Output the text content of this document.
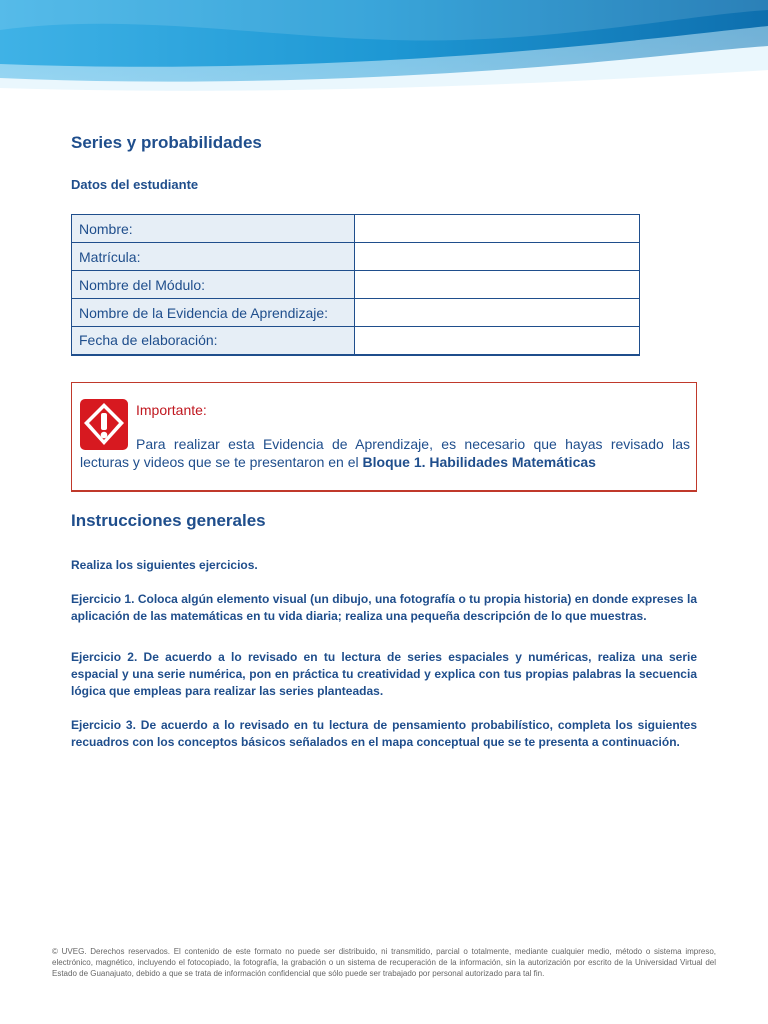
Series y probabilidades
Datos del estudiante
Nombre:	
Matrícula:	
Nombre del Módulo:	
Nombre de la Evidencia de Aprendizaje:	
Fecha de elaboración:	
Importante:

Para realizar esta Evidencia de Aprendizaje, es necesario que hayas revisado las lecturas y videos que se te presentaron en el Bloque 1. Habilidades Matemáticas

Instrucciones generales

Realiza los siguientes ejercicios.

Ejercicio 1. Coloca algún elemento visual (un dibujo, una fotografía o tu propia historia) en donde expreses la aplicación de las matemáticas en tu vida diaria; realiza una pequeña descripción de lo que muestras.

Ejercicio 2. De acuerdo a lo revisado en tu lectura de series espaciales y numéricas, realiza una serie espacial y una serie numérica, pon en práctica tu creatividad y explica con tus propias palabras la secuencia lógica que empleas para realizar las series planteadas.

Ejercicio 3. De acuerdo a lo revisado en tu lectura de pensamiento probabilístico, completa los siguientes recuadros con los conceptos básicos señalados en el mapa conceptual que se te presenta a continuación.

© UVEG. Derechos reservados. El contenido de este formato no puede ser distribuido, ni transmitido, parcial o totalmente, mediante cualquier medio, método o sistema impreso, electrónico, magnético, incluyendo el fotocopiado, la fotografía, la grabación o un sistema de recuperación de la información, sin la autorización por escrito de la Universidad Virtual del Estado de Guanajuato, debido a que se trata de información confidencial que sólo puede ser trabajado por personal autorizado para tal fin.
